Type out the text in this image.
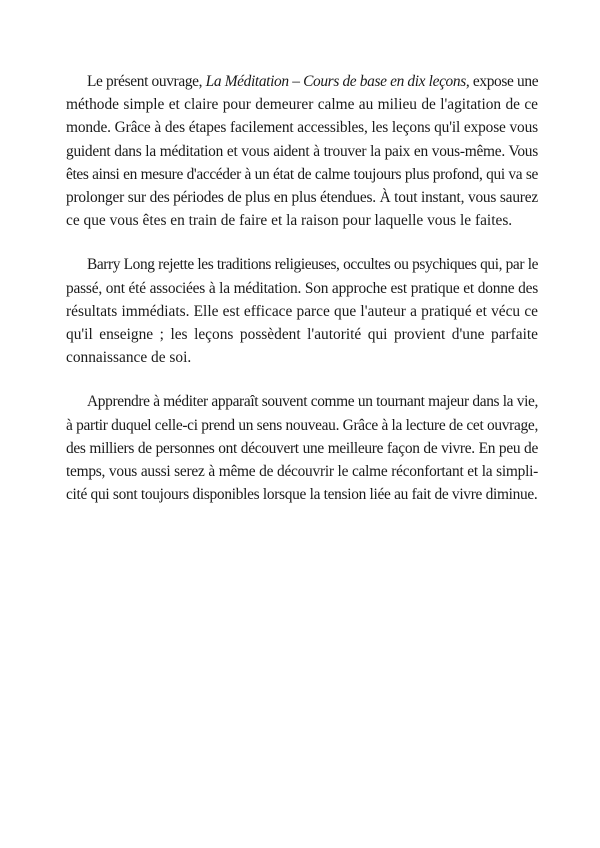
Le présent ouvrage, La Méditation – Cours de base en dix leçons, expose une
méthode simple et claire pour demeurer calme au milieu de l'agitation de ce
monde. Grâce à des étapes facilement accessibles, les leçons qu'il expose vous
guident dans la méditation et vous aident à trouver la paix en vous-même. Vous
êtes ainsi en mesure d'accéder à un état de calme toujours plus profond, qui va se
prolonger sur des périodes de plus en plus étendues. À tout instant, vous saurez
ce que vous êtes en train de faire et la raison pour laquelle vous le faites.
Barry Long rejette les traditions religieuses, occultes ou psychiques qui, par le
passé, ont été associées à la méditation. Son approche est pratique et donne des
résultats immédiats. Elle est efficace parce que l'auteur a pratiqué et vécu ce
qu'il enseigne ; les leçons possèdent l'autorité qui provient d'une parfaite
connaissance de soi.
Apprendre à méditer apparaît souvent comme un tournant majeur dans la vie,
à partir duquel celle-ci prend un sens nouveau. Grâce à la lecture de cet ouvrage,
des milliers de personnes ont découvert une meilleure façon de vivre. En peu de
temps, vous aussi serez à même de découvrir le calme réconfortant et la simpli-
cité qui sont toujours disponibles lorsque la tension liée au fait de vivre diminue.
